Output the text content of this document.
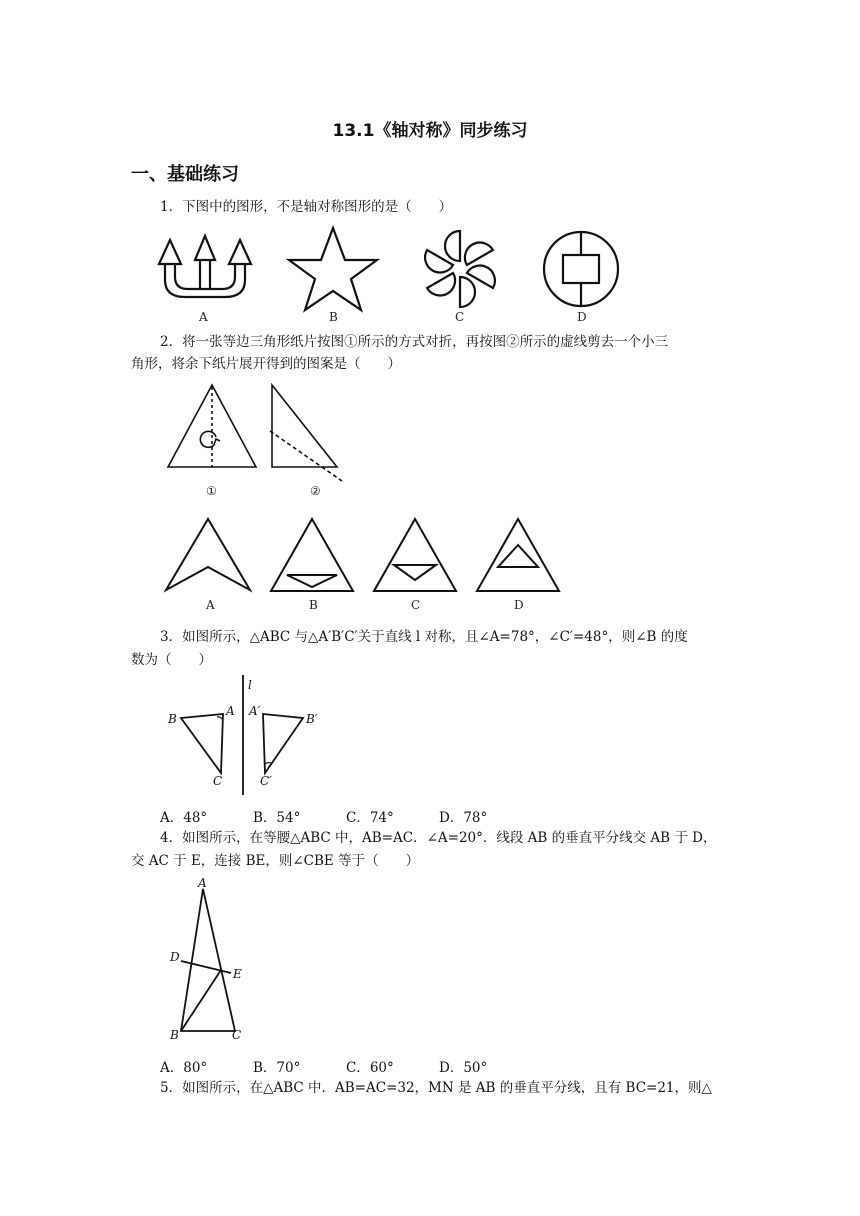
13.1《轴对称》同步练习
一、基础练习
1．下图中的图形，不是轴对称图形的是（　　）
A	B	C	D
2．将一张等边三角形纸片按图①所示的方式对折，再按图②所示的虚线剪去一个小三
角形，将余下纸片展开得到的图案是（　　）
①	②
A	B	C	D
3．如图所示，△ABC 与△A′B′C′关于直线 l 对称，且∠A=78°，∠C′=48°，则∠B 的度
数为（　　）
l
B
A
C
A′
B′
C′
A．48°	B．54°	C．74°	D．78°
4．如图所示，在等腰△ABC 中，AB=AC．∠A=20°．线段 AB 的垂直平分线交 AB 于 D，
交 AC 于 E，连接 BE，则∠CBE 等于（　　）
A
D
E
B	C
A．80°	B．70°	C．60°	D．50°
5．如图所示，在△ABC 中．AB=AC=32，MN 是 AB 的垂直平分线，且有 BC=21，则△
